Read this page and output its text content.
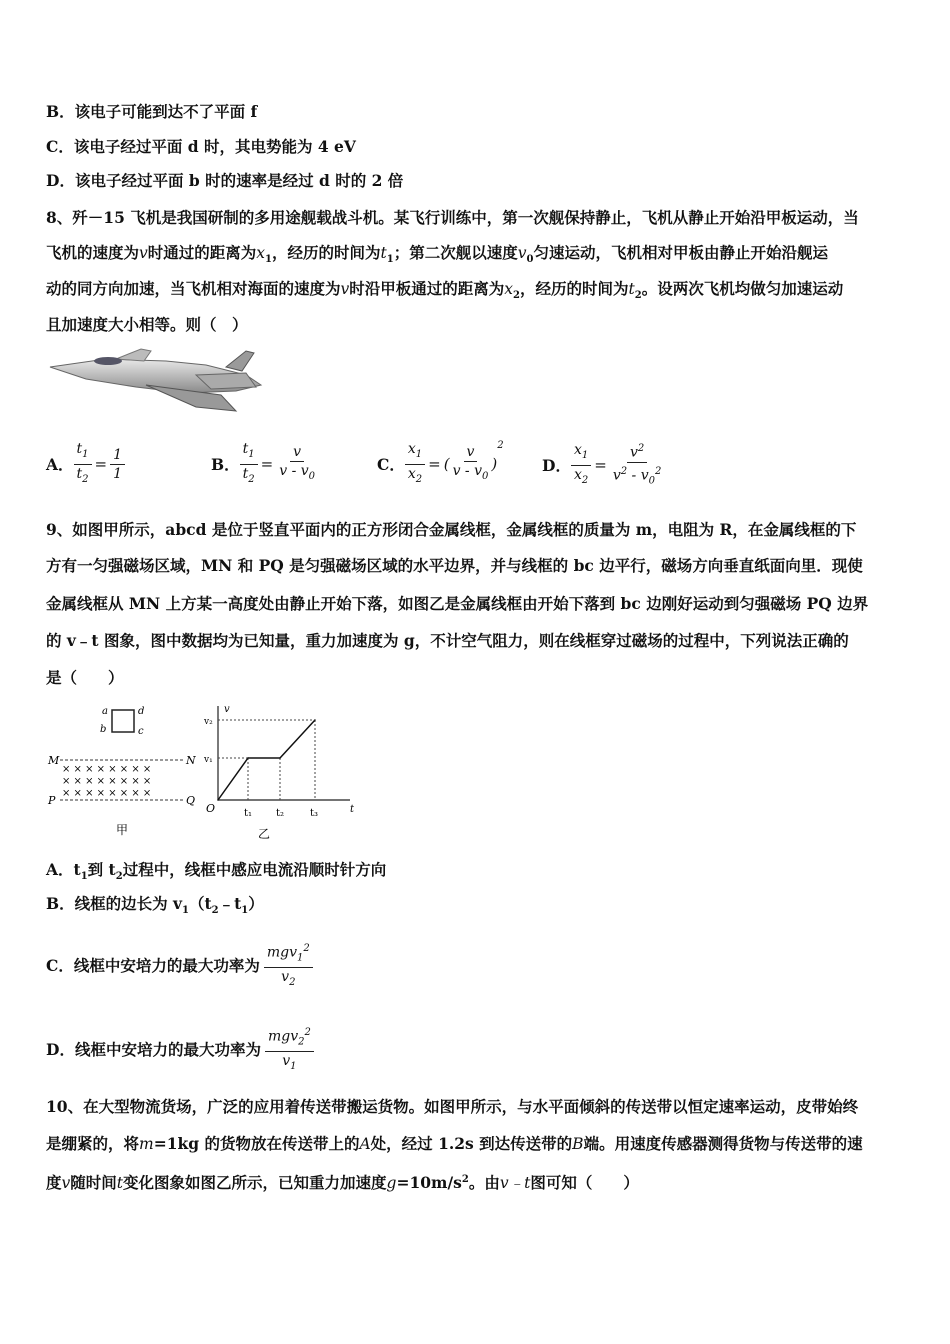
B．该电子可能到达不了平面 f
C．该电子经过平面 d 时，其电势能为 4 eV
D．该电子经过平面 b 时的速率是经过 d 时的 2 倍
8、歼－15 飞机是我国研制的多用途舰载战斗机。某飞行训练中，第一次舰保持静止，飞机从静止开始沿甲板运动，当
飞机的速度为v时通过的距离为$x_1$，经历的时间为$t_1$；第二次舰以速度$v_0$匀速运动，飞机相对甲板由静止开始沿舰运
动的同方向加速，当飞机相对海面的速度为v时沿甲板通过的距离为$x_2$，经历的时间为$t_2$。设两次飞机均做匀加速运动
且加速度大小相等。则（　）
A． $\frac{t_1}{t_2} = \frac{1}{1}$	B． $\frac{t_1}{t_2} = \frac{v}{v - v_0}$	C． $\frac{x_1}{x_2}$ = ( $\frac{v}{v - v_0}$ )
2
D． $\frac{x_1}{x_2} = \frac{v^2}{v^2 - v_0^2}$
9、如图甲所示，abcd 是位于竖直平面内的正方形闭合金属线框，金属线框的质量为 m，电阻为 R，在金属线框的下
方有一匀强磁场区域，MN 和 PQ 是匀强磁场区域的水平边界，并与线框的 bc 边平行，磁场方向垂直纸面向里．现使
金属线框从 MN 上方某一高度处由静止开始下落，如图乙是金属线框由开始下落到 bc 边刚好运动到匀强磁场 PQ 边界
的 v﹣t 图象，图中数据均为已知量，重力加速度为 g，不计空气阻力，则在线框穿过磁场的过程中，下列说法正确的
是（　　）
a	d
b	c
M	N
P	Q
× × × × × × × ×
× × × × × × × ×
× × × × × × × ×
甲
v
t
O
v₂
v₁
t₁ t₂	t₃
乙
A．$t_1$到 $t_2$过程中，线框中感应电流沿顺时针方向
B．线框的边长为 $v_1(t_2﹣t_1)$
C．线框中安培力的最大功率为 $\frac{mgv_1^2}{v_2}$
D．线框中安培力的最大功率为 $\frac{mgv_2^2}{v_1}$
10、在大型物流货场，广泛的应用着传送带搬运货物。如图甲所示，与水平面倾斜的传送带以恒定速率运动，皮带始终
是绷紧的，将m=1kg 的货物放在传送带上的A处，经过 1.2s 到达传送带的B端。用速度传感器测得货物与传送带的速
度v随时间t变化图象如图乙所示，已知重力加速度$g=10m/s^2$。由v﹣t图可知（　　）
